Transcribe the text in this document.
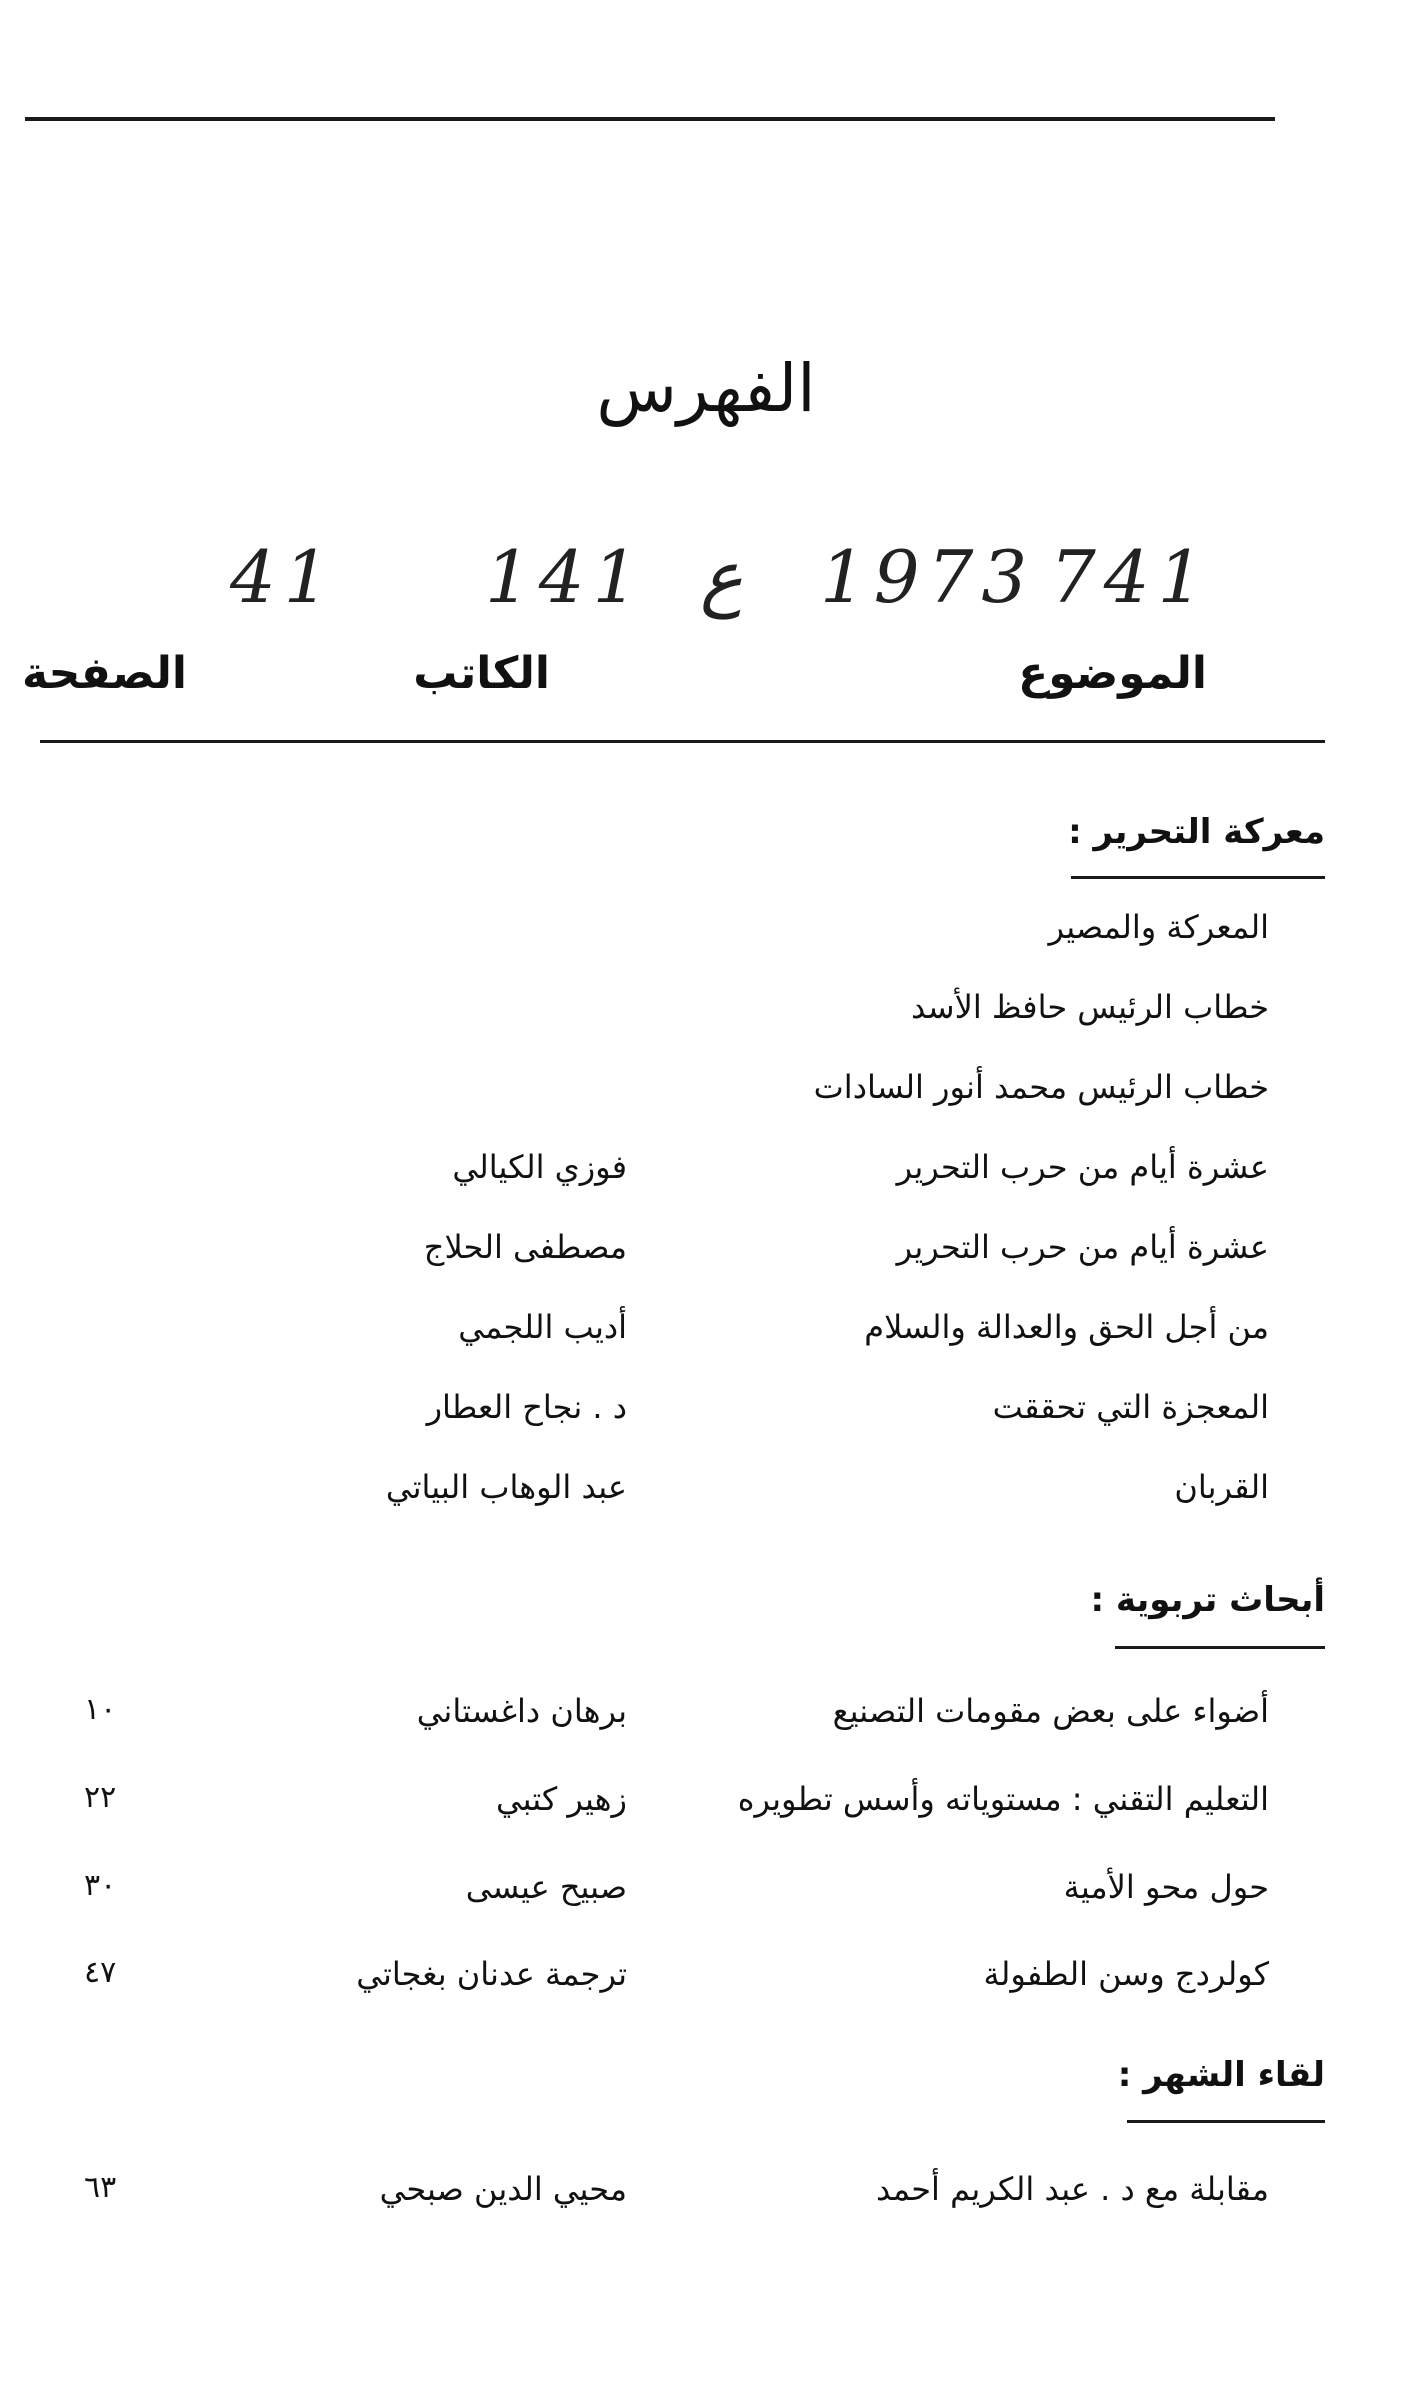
الفهرس
41 141 ع 1973 741
الموضوع
الكاتب
الصفحة
معركة التحرير :
المعركة والمصير
خطاب الرئيس حافظ الأسد
خطاب الرئيس محمد أنور السادات
عشرة أيام من حرب التحرير
فوزي الكيالي
عشرة أيام من حرب التحرير
مصطفى الحلاج
من أجل الحق والعدالة والسلام
أديب اللجمي
المعجزة التي تحققت
د . نجاح العطار
القربان
عبد الوهاب البياتي
أبحاث تربوية :
أضواء على بعض مقومات التصنيع
برهان داغستاني
١٠
التعليم التقني : مستوياته وأسس تطويره
زهير كتبي
٢٢
حول محو الأمية
صبيح عيسى
٣٠
كولردج وسن الطفولة
ترجمة عدنان بغجاتي
٤٧
لقاء الشهر :
مقابلة مع د . عبد الكريم أحمد
محيي الدين صبحي
٦٣
